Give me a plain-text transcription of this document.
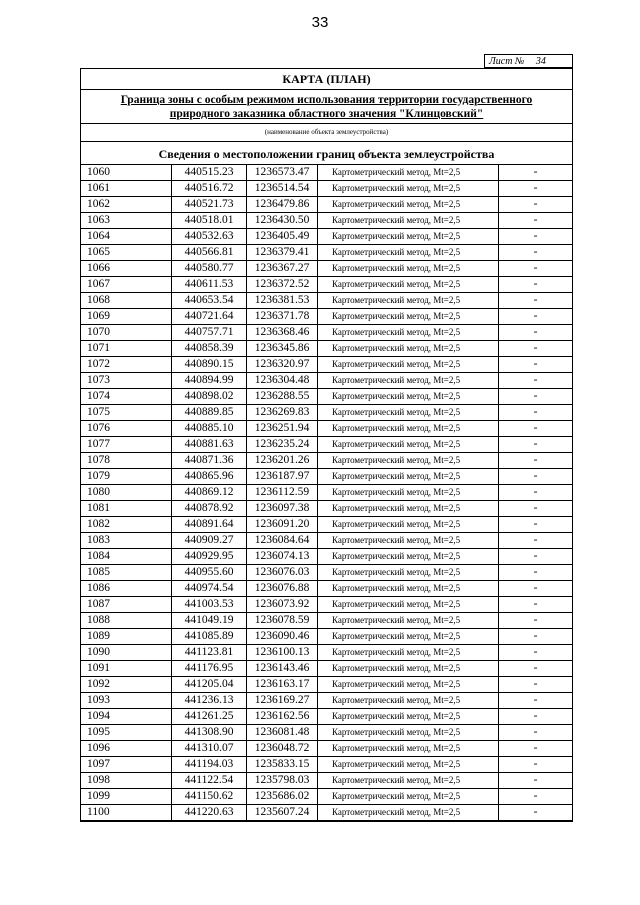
33
Лист № 34
КАРТА (ПЛАН)
Граница зоны с особым режимом использования территории государственного
природного заказника областного значения "Клинцовский"
(наименование объекта землеустройства)
Сведения о местоположении границ объекта землеустройства
1060	440515.23	1236573.47	Картометрический метод, Mt=2,5	-
1061	440516.72	1236514.54	Картометрический метод, Mt=2,5	-
1062	440521.73	1236479.86	Картометрический метод, Mt=2,5	-
1063	440518.01	1236430.50	Картометрический метод, Mt=2,5	-
1064	440532.63	1236405.49	Картометрический метод, Mt=2,5	-
1065	440566.81	1236379.41	Картометрический метод, Mt=2,5	-
1066	440580.77	1236367.27	Картометрический метод, Mt=2,5	-
1067	440611.53	1236372.52	Картометрический метод, Mt=2,5	-
1068	440653.54	1236381.53	Картометрический метод, Mt=2,5	-
1069	440721.64	1236371.78	Картометрический метод, Mt=2,5	-
1070	440757.71	1236368.46	Картометрический метод, Mt=2,5	-
1071	440858.39	1236345.86	Картометрический метод, Mt=2,5	-
1072	440890.15	1236320.97	Картометрический метод, Mt=2,5	-
1073	440894.99	1236304.48	Картометрический метод, Mt=2,5	-
1074	440898.02	1236288.55	Картометрический метод, Mt=2,5	-
1075	440889.85	1236269.83	Картометрический метод, Mt=2,5	-
1076	440885.10	1236251.94	Картометрический метод, Mt=2,5	-
1077	440881.63	1236235.24	Картометрический метод, Mt=2,5	-
1078	440871.36	1236201.26	Картометрический метод, Mt=2,5	-
1079	440865.96	1236187.97	Картометрический метод, Mt=2,5	-
1080	440869.12	1236112.59	Картометрический метод, Mt=2,5	-
1081	440878.92	1236097.38	Картометрический метод, Mt=2,5	-
1082	440891.64	1236091.20	Картометрический метод, Mt=2,5	-
1083	440909.27	1236084.64	Картометрический метод, Mt=2,5	-
1084	440929.95	1236074.13	Картометрический метод, Mt=2,5	-
1085	440955.60	1236076.03	Картометрический метод, Mt=2,5	-
1086	440974.54	1236076.88	Картометрический метод, Mt=2,5	-
1087	441003.53	1236073.92	Картометрический метод, Mt=2,5	-
1088	441049.19	1236078.59	Картометрический метод, Mt=2,5	-
1089	441085.89	1236090.46	Картометрический метод, Mt=2,5	-
1090	441123.81	1236100.13	Картометрический метод, Mt=2,5	-
1091	441176.95	1236143.46	Картометрический метод, Mt=2,5	-
1092	441205.04	1236163.17	Картометрический метод, Mt=2,5	-
1093	441236.13	1236169.27	Картометрический метод, Mt=2,5	-
1094	441261.25	1236162.56	Картометрический метод, Mt=2,5	-
1095	441308.90	1236081.48	Картометрический метод, Mt=2,5	-
1096	441310.07	1236048.72	Картометрический метод, Mt=2,5	-
1097	441194.03	1235833.15	Картометрический метод, Mt=2,5	-
1098	441122.54	1235798.03	Картометрический метод, Mt=2,5	-
1099	441150.62	1235686.02	Картометрический метод, Mt=2,5	-
1100	441220.63	1235607.24	Картометрический метод, Mt=2,5	-
